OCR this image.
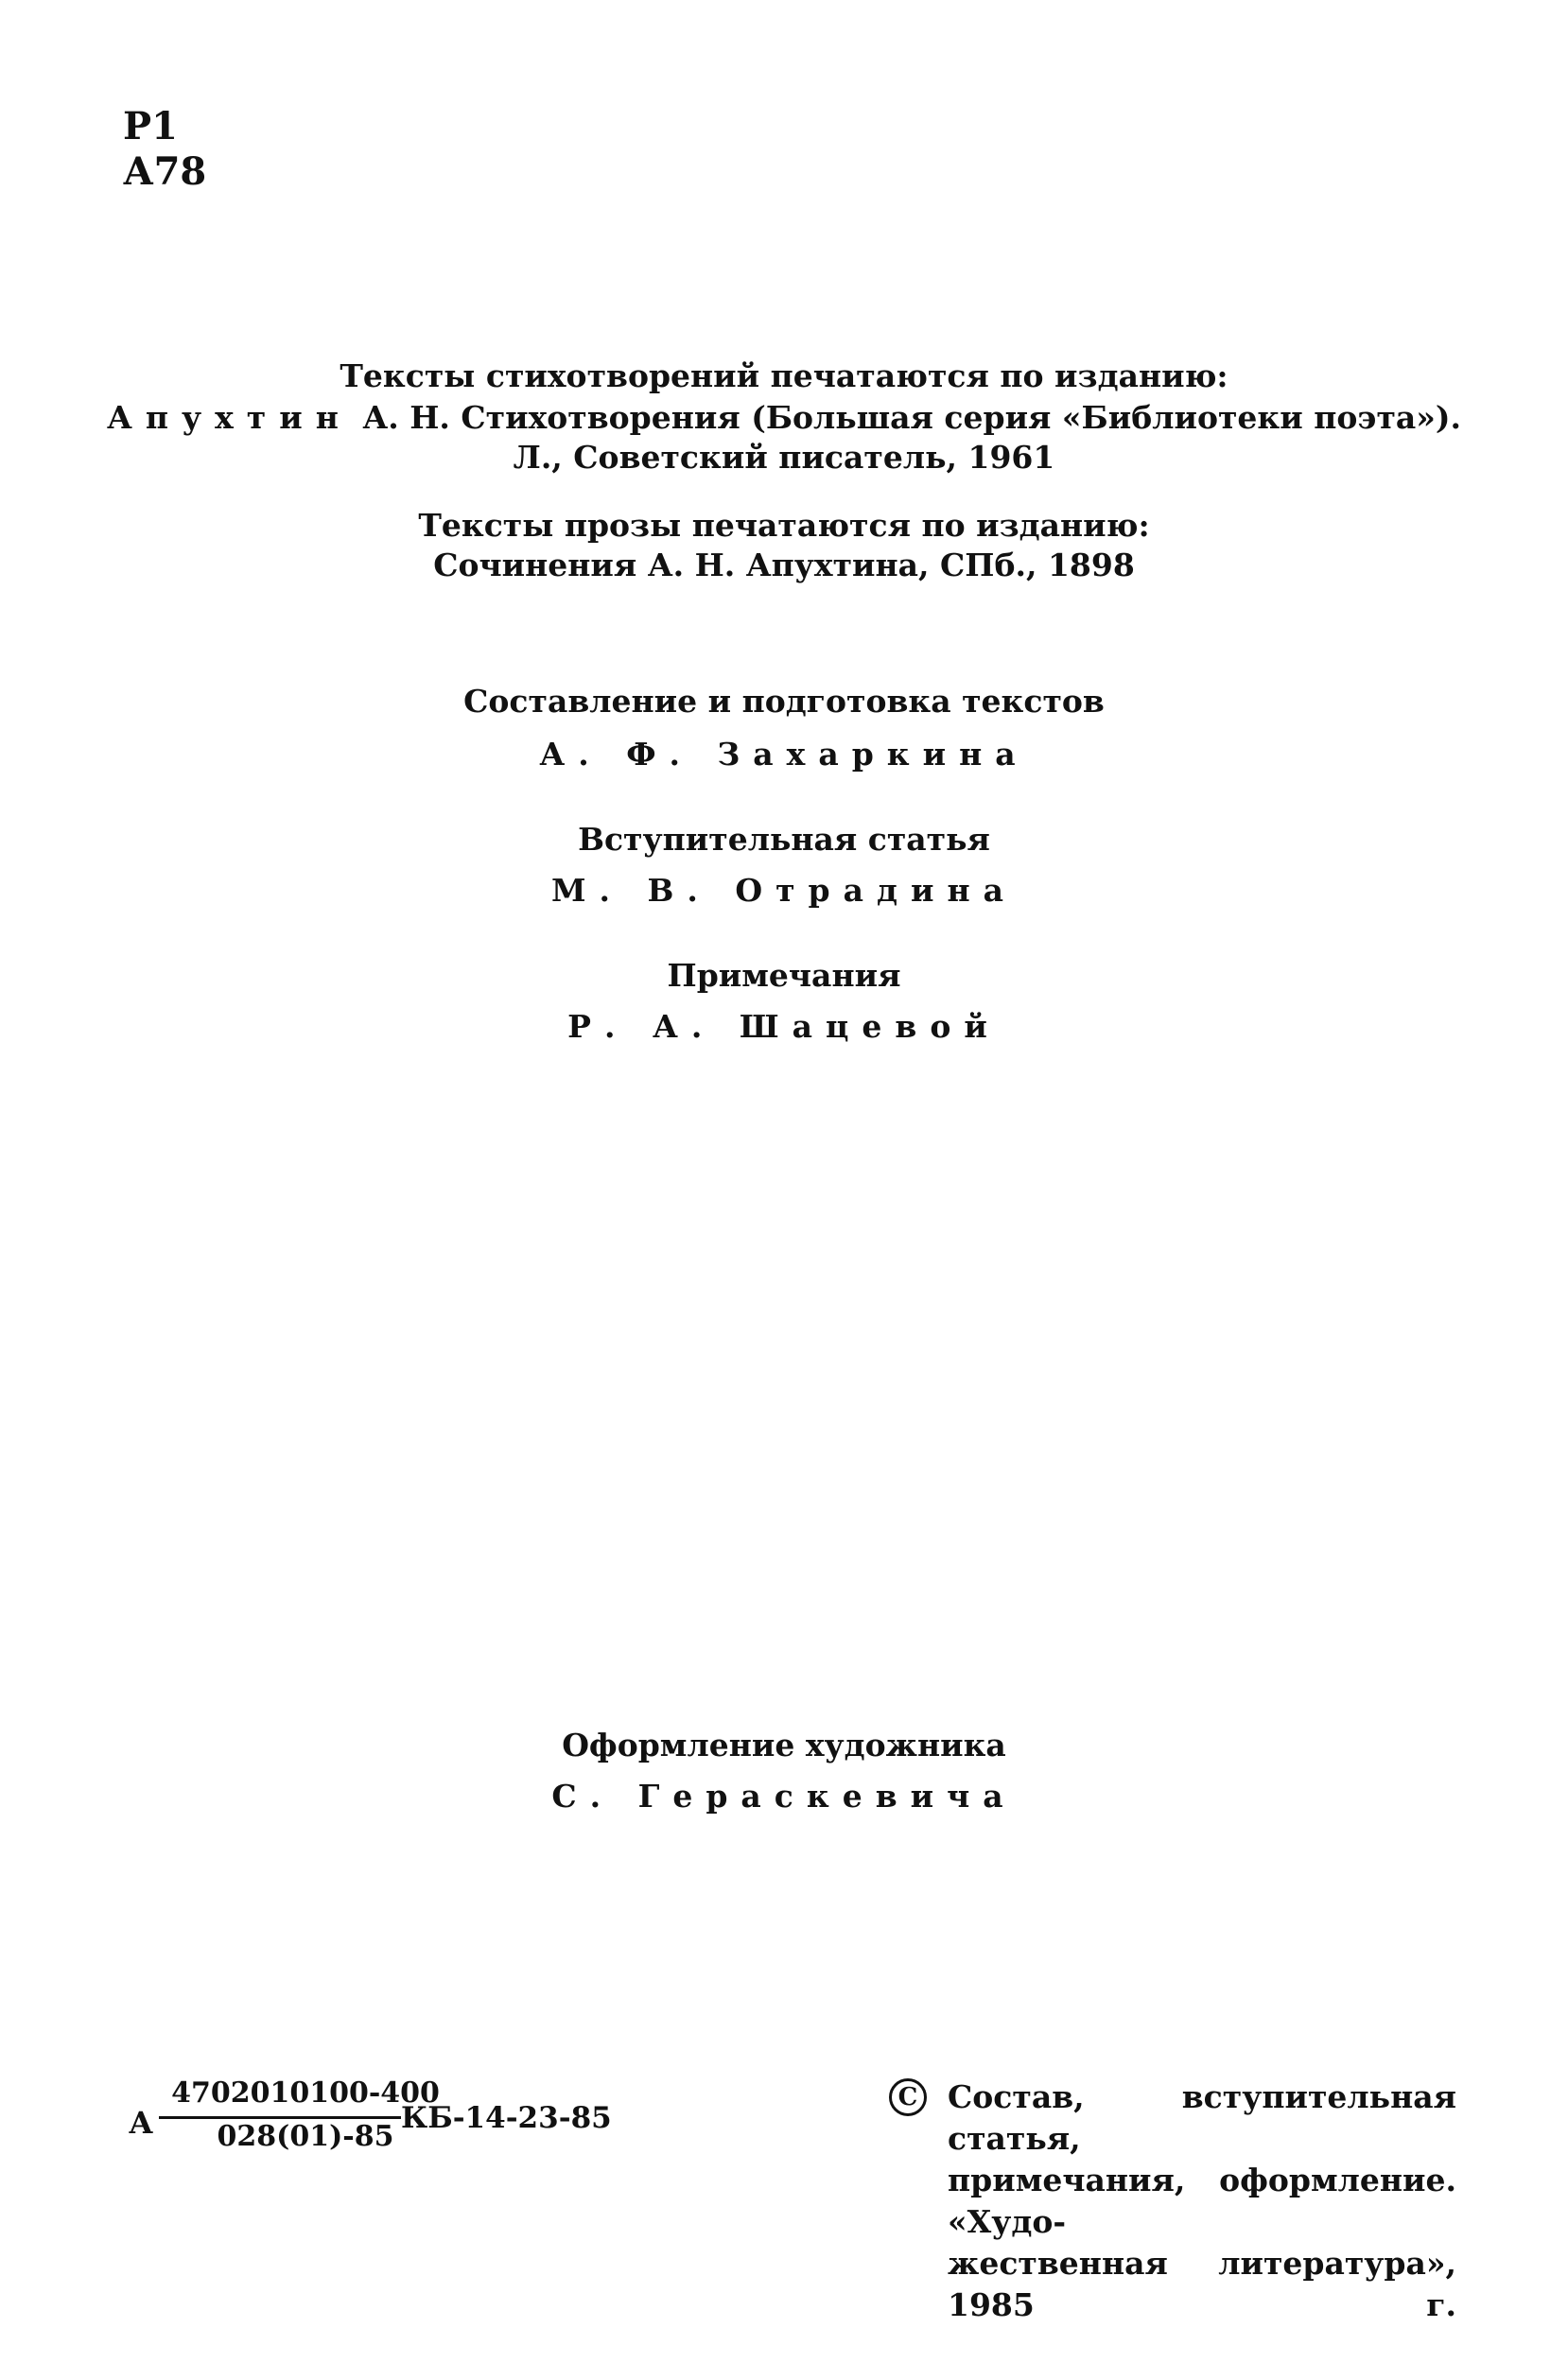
Р1
А78
Тексты стихотворений печатаются по изданию:
Апухтин А. Н. Стихотворения (Большая серия «Библиотеки поэта»).
Л., Советский писатель, 1961
Тексты прозы печатаются по изданию:
Сочинения А. Н. Апухтина, СПб., 1898
Составление и подготовка текстов
А. Ф. Захаркина
Вступительная статья
М. В. Отрадина
Примечания
Р. А. Шацевой
Оформление художника
С. Гераскевича
А
4702010100-400
028(01)-85
КБ-14-23-85
C Состав, вступительная статья,
примечания, оформление. «Худо-
жественная литература», 1985 г.
